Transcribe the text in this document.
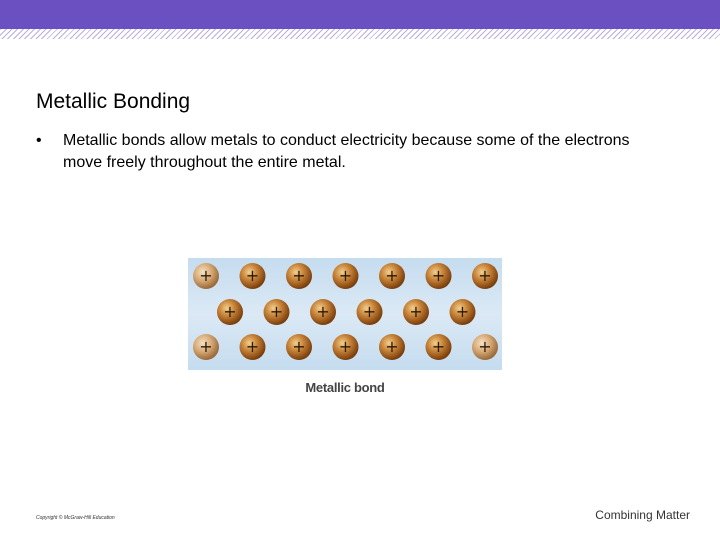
Metallic Bonding
• Metallic bonds allow metals to conduct electricity because some of the electrons move freely throughout the entire metal.
+ + + + + + +
+ + + + + +
+ + + + + + +
Metallic bond
Copyright © McGraw-Hill Education	Combining Matter
